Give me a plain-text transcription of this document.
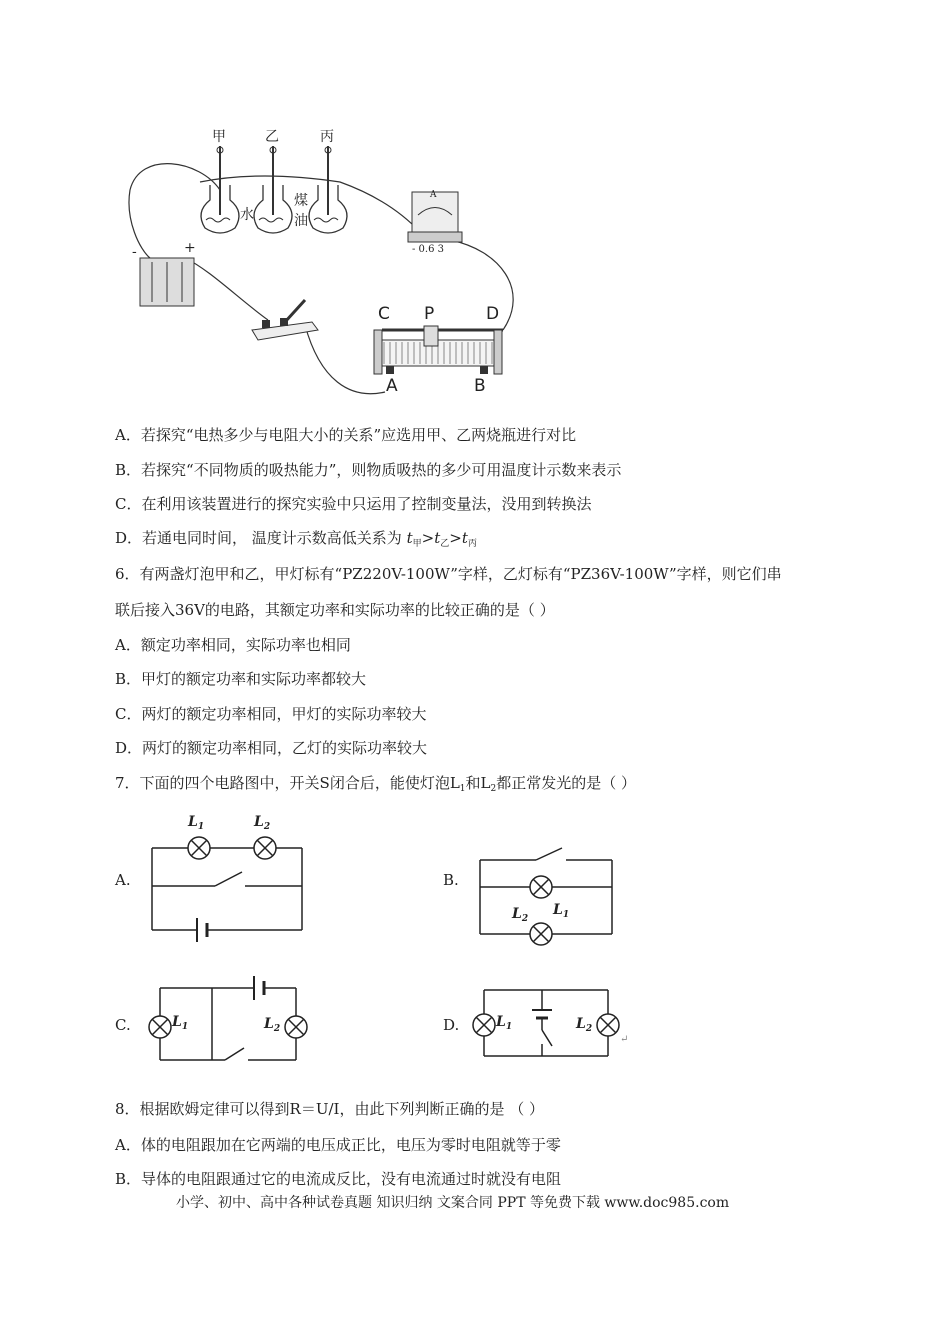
甲	乙	丙
水
煤
油
A
- 0.6 3
-	+
C P	D
A	B
A．若探究“电热多少与电阻大小的关系”应选用甲、乙两烧瓶进行对比
B．若探究“不同物质的吸热能力”，则物质吸热的多少可用温度计示数来表示
C．在利用该装置进行的探究实验中只运用了控制变量法，没用到转换法
D．若通电同时间， 温度计示数高低关系为 $t_甲>t_乙>t_丙$
6．有两盏灯泡甲和乙，甲灯标有“PZ220V-100W”字样，乙灯标有“PZ36V-100W”字样，则它们串
联后接入36V的电路，其额定功率和实际功率的比较正确的是（ ）
A．额定功率相同，实际功率也相同
B．甲灯的额定功率和实际功率都较大
C．两灯的额定功率相同，甲灯的实际功率较大
D．两灯的额定功率相同，乙灯的实际功率较大
7．下面的四个电路图中，开关S闭合后，能使灯泡$L_1$和$L_2$都正常发光的是（ ）
A.	B.
C.	D.
$L_1$	$L_2$
$L_2$
$L_1$
$L_1$	$L_2$	$L_1$	$L_2$
↵
8．根据欧姆定律可以得到R＝U/I，由此下列判断正确的是 （ ）
A．体的电阻跟加在它两端的电压成正比，电压为零时电阻就等于零
B．导体的电阻跟通过它的电流成反比，没有电流通过时就没有电阻
小学、初中、高中各种试卷真题 知识归纳 文案合同 PPT 等免费下载 www.doc985.com
